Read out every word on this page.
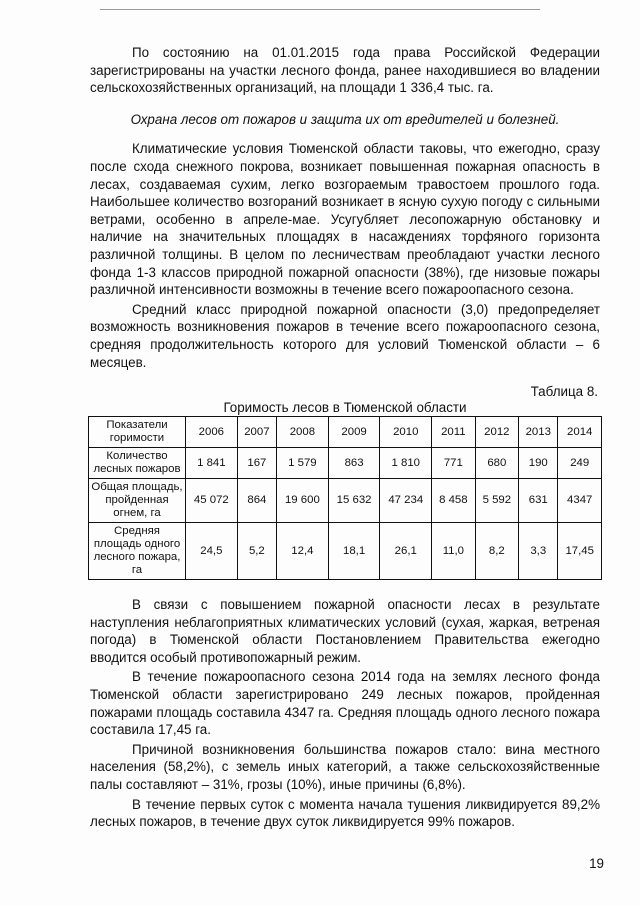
По состоянию на 01.01.2015 года права Российской Федерации зарегистрированы на участки лесного фонда, ранее находившиеся во владении сельскохозяйственных организаций, на площади 1 336,4 тыс. га.

Охрана лесов от пожаров и защита их от вредителей и болезней.

Климатические условия Тюменской области таковы, что ежегодно, сразу после схода снежного покрова, возникает повышенная пожарная опасность в лесах, создаваемая сухим, легко возгораемым травостоем прошлого года. Наибольшее количество возгораний возникает в ясную сухую погоду с сильными ветрами, особенно в апреле-мае. Усугубляет лесопожарную обстановку и наличие на значительных площадях в насаждениях торфяного горизонта различной толщины. В целом по лесничествам преобладают участки лесного фонда 1-3 классов природной пожарной опасности (38%), где низовые пожары различной интенсивности возможны в течение всего пожароопасного сезона.

Средний класс природной пожарной опасности (3,0) предопределяет возможность возникновения пожаров в течение всего пожароопасного сезона, средняя продолжительность которого для условий Тюменской области – 6 месяцев.

Таблица 8.
Горимость лесов в Тюменской области
Показатели горимости	2006	2007	2008	2009	2010	2011	2012	2013	2014
Количество лесных пожаров	1 841	167	1 579	863	1 810	771	680	190	249
Общая площадь, пройденная огнем, га	45 072	864	19 600	15 632	47 234	8 458	5 592	631	4347
Средняя площадь одного лесного пожара, га	24,5	5,2	12,4	18,1	26,1	11,0	8,2	3,3	17,45

В связи с повышением пожарной опасности лесах в результате наступления неблагоприятных климатических условий (сухая, жаркая, ветреная погода) в Тюменской области Постановлением Правительства ежегодно вводится особый противопожарный режим.

В течение пожароопасного сезона 2014 года на землях лесного фонда Тюменской области зарегистрировано 249 лесных пожаров, пройденная пожарами площадь составила 4347 га. Средняя площадь одного лесного пожара составила 17,45 га.

Причиной возникновения большинства пожаров стало: вина местного населения (58,2%), с земель иных категорий, а также сельскохозяйственные палы составляют – 31%, грозы (10%), иные причины (6,8%).

В течение первых суток с момента начала тушения ликвидируется 89,2% лесных пожаров, в течение двух суток ликвидируется 99% пожаров.

19
